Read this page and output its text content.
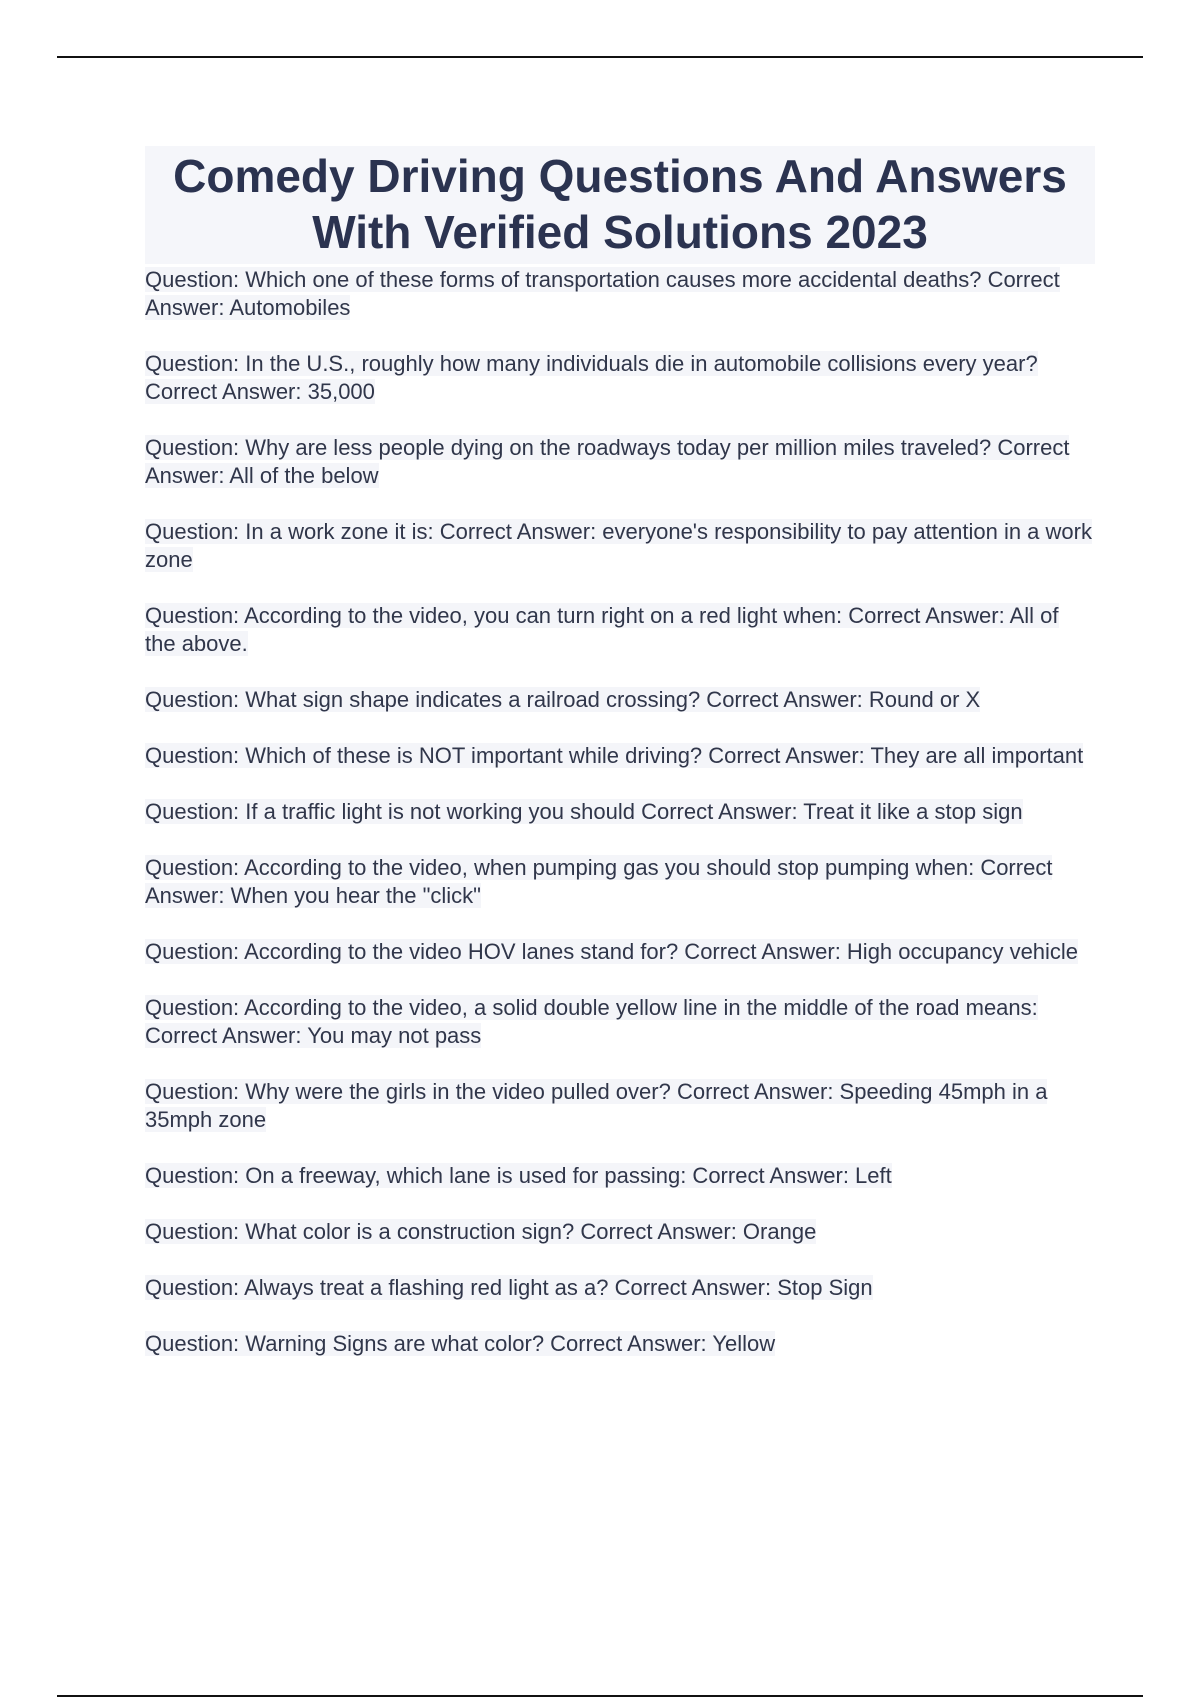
Comedy Driving Questions And Answers With Verified Solutions 2023
Question: Which one of these forms of transportation causes more accidental deaths? Correct Answer: Automobiles
Question: In the U.S., roughly how many individuals die in automobile collisions every year? Correct Answer: 35,000
Question: Why are less people dying on the roadways today per million miles traveled? Correct Answer: All of the below
Question: In a work zone it is: Correct Answer: everyone's responsibility to pay attention in a work zone
Question: According to the video, you can turn right on a red light when: Correct Answer: All of the above.
Question: What sign shape indicates a railroad crossing? Correct Answer: Round or X
Question: Which of these is NOT important while driving? Correct Answer: They are all important
Question: If a traffic light is not working you should Correct Answer: Treat it like a stop sign
Question: According to the video, when pumping gas you should stop pumping when: Correct Answer: When you hear the "click"
Question: According to the video HOV lanes stand for? Correct Answer: High occupancy vehicle
Question: According to the video, a solid double yellow line in the middle of the road means: Correct Answer: You may not pass
Question: Why were the girls in the video pulled over? Correct Answer: Speeding 45mph in a 35mph zone
Question: On a freeway, which lane is used for passing: Correct Answer: Left
Question: What color is a construction sign? Correct Answer: Orange
Question: Always treat a flashing red light as a? Correct Answer: Stop Sign
Question: Warning Signs are what color? Correct Answer: Yellow
